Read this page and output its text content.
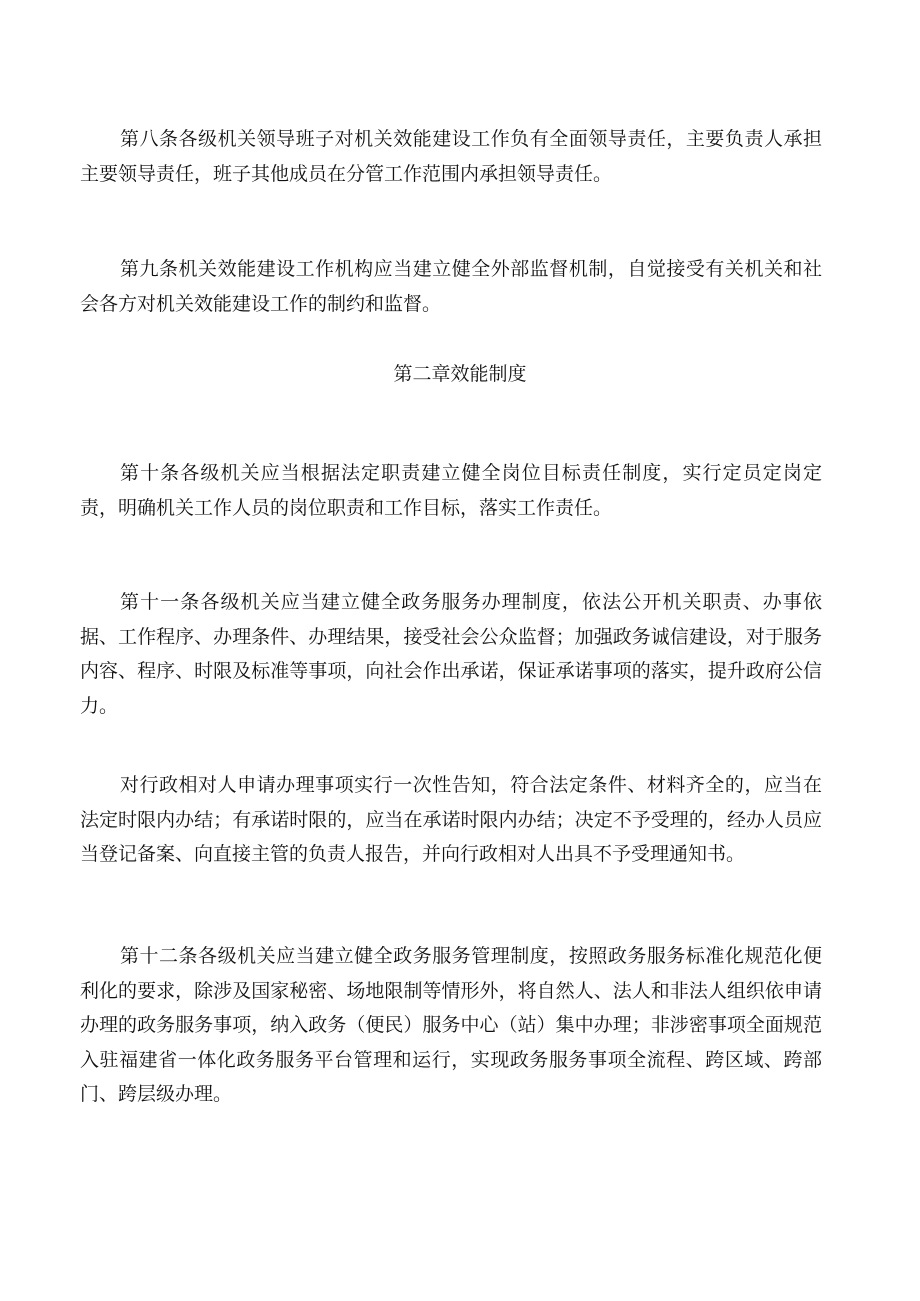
第八条各级机关领导班子对机关效能建设工作负有全面领导责任，主要负责人承担主要领导责任，班子其他成员在分管工作范围内承担领导责任。

第九条机关效能建设工作机构应当建立健全外部监督机制，自觉接受有关机关和社会各方对机关效能建设工作的制约和监督。

第二章效能制度

第十条各级机关应当根据法定职责建立健全岗位目标责任制度，实行定员定岗定责，明确机关工作人员的岗位职责和工作目标，落实工作责任。

第十一条各级机关应当建立健全政务服务办理制度，依法公开机关职责、办事依据、工作程序、办理条件、办理结果，接受社会公众监督；加强政务诚信建设，对于服务内容、程序、时限及标准等事项，向社会作出承诺，保证承诺事项的落实，提升政府公信力。

对行政相对人申请办理事项实行一次性告知，符合法定条件、材料齐全的，应当在法定时限内办结；有承诺时限的，应当在承诺时限内办结；决定不予受理的，经办人员应当登记备案、向直接主管的负责人报告，并向行政相对人出具不予受理通知书。

第十二条各级机关应当建立健全政务服务管理制度，按照政务服务标准化规范化便利化的要求，除涉及国家秘密、场地限制等情形外，将自然人、法人和非法人组织依申请办理的政务服务事项，纳入政务（便民）服务中心（站）集中办理；非涉密事项全面规范入驻福建省一体化政务服务平台管理和运行，实现政务服务事项全流程、跨区域、跨部门、跨层级办理。
